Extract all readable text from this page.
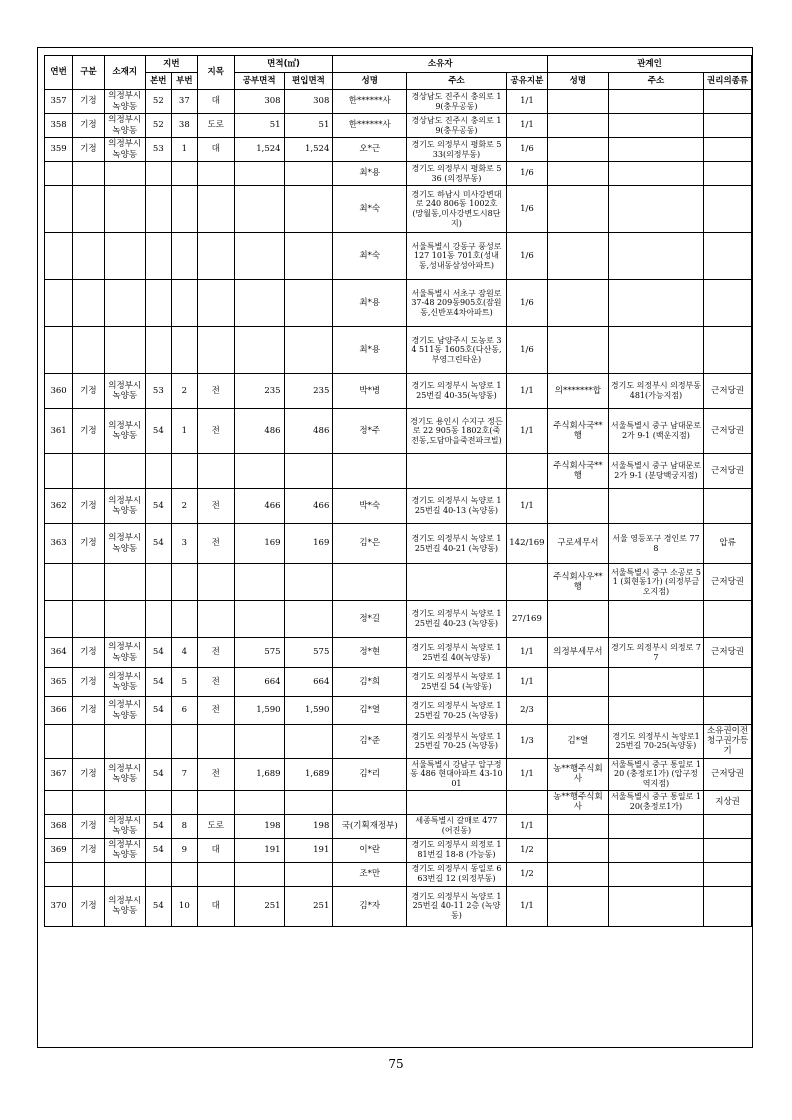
연번	구분	소재지	지번		지목	면적(㎡)		소유자			관계인		
			본번	부번		공부면적	편입면적	성명	주소	공유지분	성명	주소	권리의종류
357	기정	의정부시 녹양동	52	37	대	308	308	한******사	경상남도 진주시 충의로 19(충무공동)	1/1			
358	기정	의정부시 녹양동	52	38	도로	51	51	한******사	경상남도 진주시 충의로 19(충무공동)	1/1			
359	기정	의정부시 녹양동	53	1	대	1,524	1,524	오*근	경기도 의정부시 평화로 533(의정부동)	1/6			
								최*용	경기도 의정부시 평화로 536 (의정부동)	1/6			
								최*숙	경기도 하남시 미사강변대로 240 806동 1002호 (망월동,미사강변도시8단지)	1/6			
								최*숙	서울특별시 강동구 풍성로 127 101동 701호(성내동,성내동삼성아파트)	1/6			
								최*용	서울특별시 서초구 잠원로 37-48 209동905호(잠원동,신반포4차아파트)	1/6			
								최*용	경기도 남양주시 도농로 34 511동 1605호(다산동,부영그린타운)	1/6			
360	기정	의정부시 녹양동	53	2	전	235	235	박*병	경기도 의정부시 녹양로 125번길 40-35(녹양동)	1/1	의*******합	경기도 의정부시 의정부동 481(가능지점)	근저당권
361	기정	의정부시 녹양동	54	1	전	486	486	정*주	경기도 용인시 수지구 정든로 22 905동 1802호(죽전동,도담마을죽전파크빌)	1/1	주식회사국**행	서울특별시 중구 남대문로2가 9-1 (백운지점)	근저당권
											주식회사국**행	서울특별시 중구 남대문로2가 9-1 (분당백궁지점)	근저당권
362	기정	의정부시 녹양동	54	2	전	466	466	박*숙	경기도 의정부시 녹양로 125번길 40-13 (녹양동)	1/1			
363	기정	의정부시 녹양동	54	3	전	169	169	김*은	경기도 의정부시 녹양로 125번길 40-21 (녹양동)	142/169	구로세무서	서울 영등포구 경인로 778	압류
											주식회사우**행	서울특별시 중구 소공로 51 (회현동1가) (의정부금오지점)	근저당권
								정*길	경기도 의정부시 녹양로 125번길 40-23 (녹양동)	27/169			
364	기정	의정부시 녹양동	54	4	전	575	575	정*현	경기도 의정부시 녹양로 125번길 40(녹양동)	1/1	의정부세무서	경기도 의정부시 의정로 77	근저당권
365	기정	의정부시 녹양동	54	5	전	664	664	김*희	경기도 의정부시 녹양로 125번길 54 (녹양동)	1/1			
366	기정	의정부시 녹양동	54	6	전	1,590	1,590	김*열	경기도 의정부시 녹양로 125번길 70-25 (녹양동)	2/3			
								김*준	경기도 의정부시 녹양로 125번길 70-25 (녹양동)	1/3	김*열	경기도 의정부시 녹양로125번길 70-25(녹양동)	소유권이전청구권가등기
367	기정	의정부시 녹양동	54	7	전	1,689	1,689	김*리	서울특별시 강남구 압구정동 486 현대아파트 43-1001	1/1	농**행주식회사	서울특별시 중구 통일로 120 (충정로1가) (압구정역지점)	근저당권
											농**행주식회사	서울특별시 중구 통일로 120(충정로1가)	지상권
368	기정	의정부시 녹양동	54	8	도로	198	198	국(기획재정부)	세종특별시 갈매로 477 (어진동)	1/1			
369	기정	의정부시 녹양동	54	9	대	191	191	이*란	경기도 의정부시 의정로 181번길 18-8 (가능동)	1/2			
								조*만	경기도 의정부시 동일로 663번길 12 (의정부동)	1/2			
370	기정	의정부시 녹양동	54	10	대	251	251	김*자	경기도 의정부시 녹양로 125번길 40-11 2층 (녹양동)	1/1			
75
